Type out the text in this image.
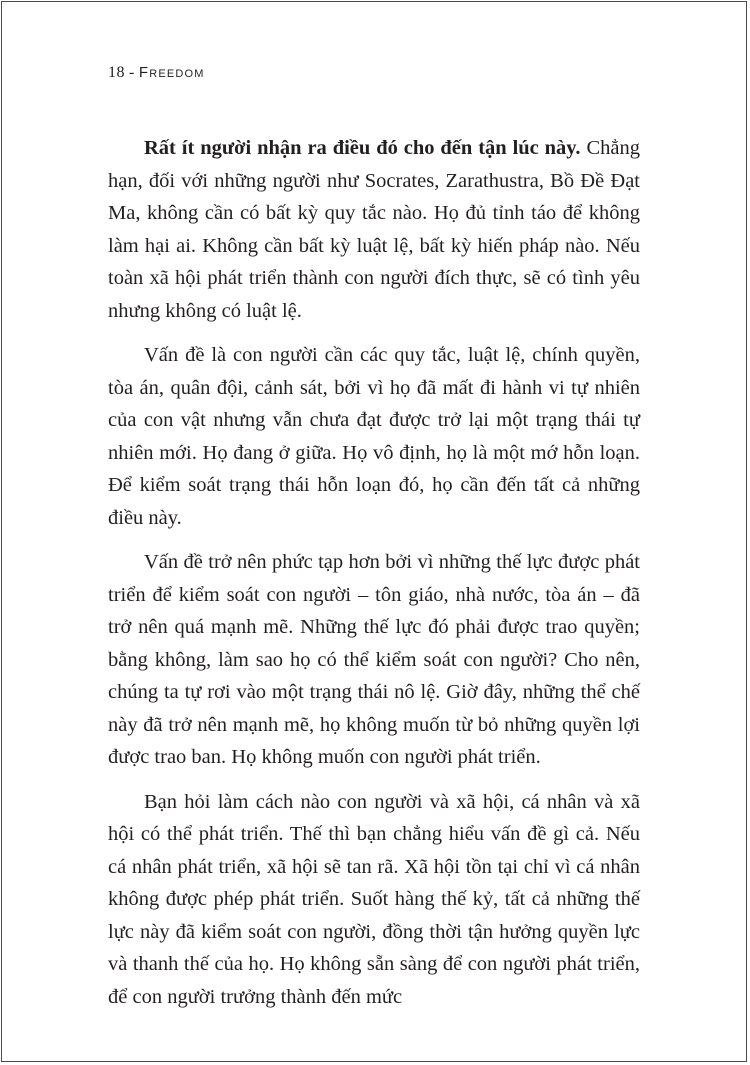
18 - Freedom

Rất ít người nhận ra điều đó cho đến tận lúc này. Chẳng hạn, đối với những người như Socrates, Zarathustra, Bồ Đề Đạt Ma, không cần có bất kỳ quy tắc nào. Họ đủ tỉnh táo để không làm hại ai. Không cần bất kỳ luật lệ, bất kỳ hiến pháp nào. Nếu toàn xã hội phát triển thành con người đích thực, sẽ có tình yêu nhưng không có luật lệ.

Vấn đề là con người cần các quy tắc, luật lệ, chính quyền, tòa án, quân đội, cảnh sát, bởi vì họ đã mất đi hành vi tự nhiên của con vật nhưng vẫn chưa đạt được trở lại một trạng thái tự nhiên mới. Họ đang ở giữa. Họ vô định, họ là một mớ hỗn loạn. Để kiểm soát trạng thái hỗn loạn đó, họ cần đến tất cả những điều này.

Vấn đề trở nên phức tạp hơn bởi vì những thế lực được phát triển để kiểm soát con người – tôn giáo, nhà nước, tòa án – đã trở nên quá mạnh mẽ. Những thế lực đó phải được trao quyền; bằng không, làm sao họ có thể kiểm soát con người? Cho nên, chúng ta tự rơi vào một trạng thái nô lệ. Giờ đây, những thể chế này đã trở nên mạnh mẽ, họ không muốn từ bỏ những quyền lợi được trao ban. Họ không muốn con người phát triển.

Bạn hỏi làm cách nào con người và xã hội, cá nhân và xã hội có thể phát triển. Thế thì bạn chẳng hiểu vấn đề gì cả. Nếu cá nhân phát triển, xã hội sẽ tan rã. Xã hội tồn tại chỉ vì cá nhân không được phép phát triển. Suốt hàng thế kỷ, tất cả những thế lực này đã kiểm soát con người, đồng thời tận hưởng quyền lực và thanh thế của họ. Họ không sẵn sàng để con người phát triển, để con người trưởng thành đến mức
